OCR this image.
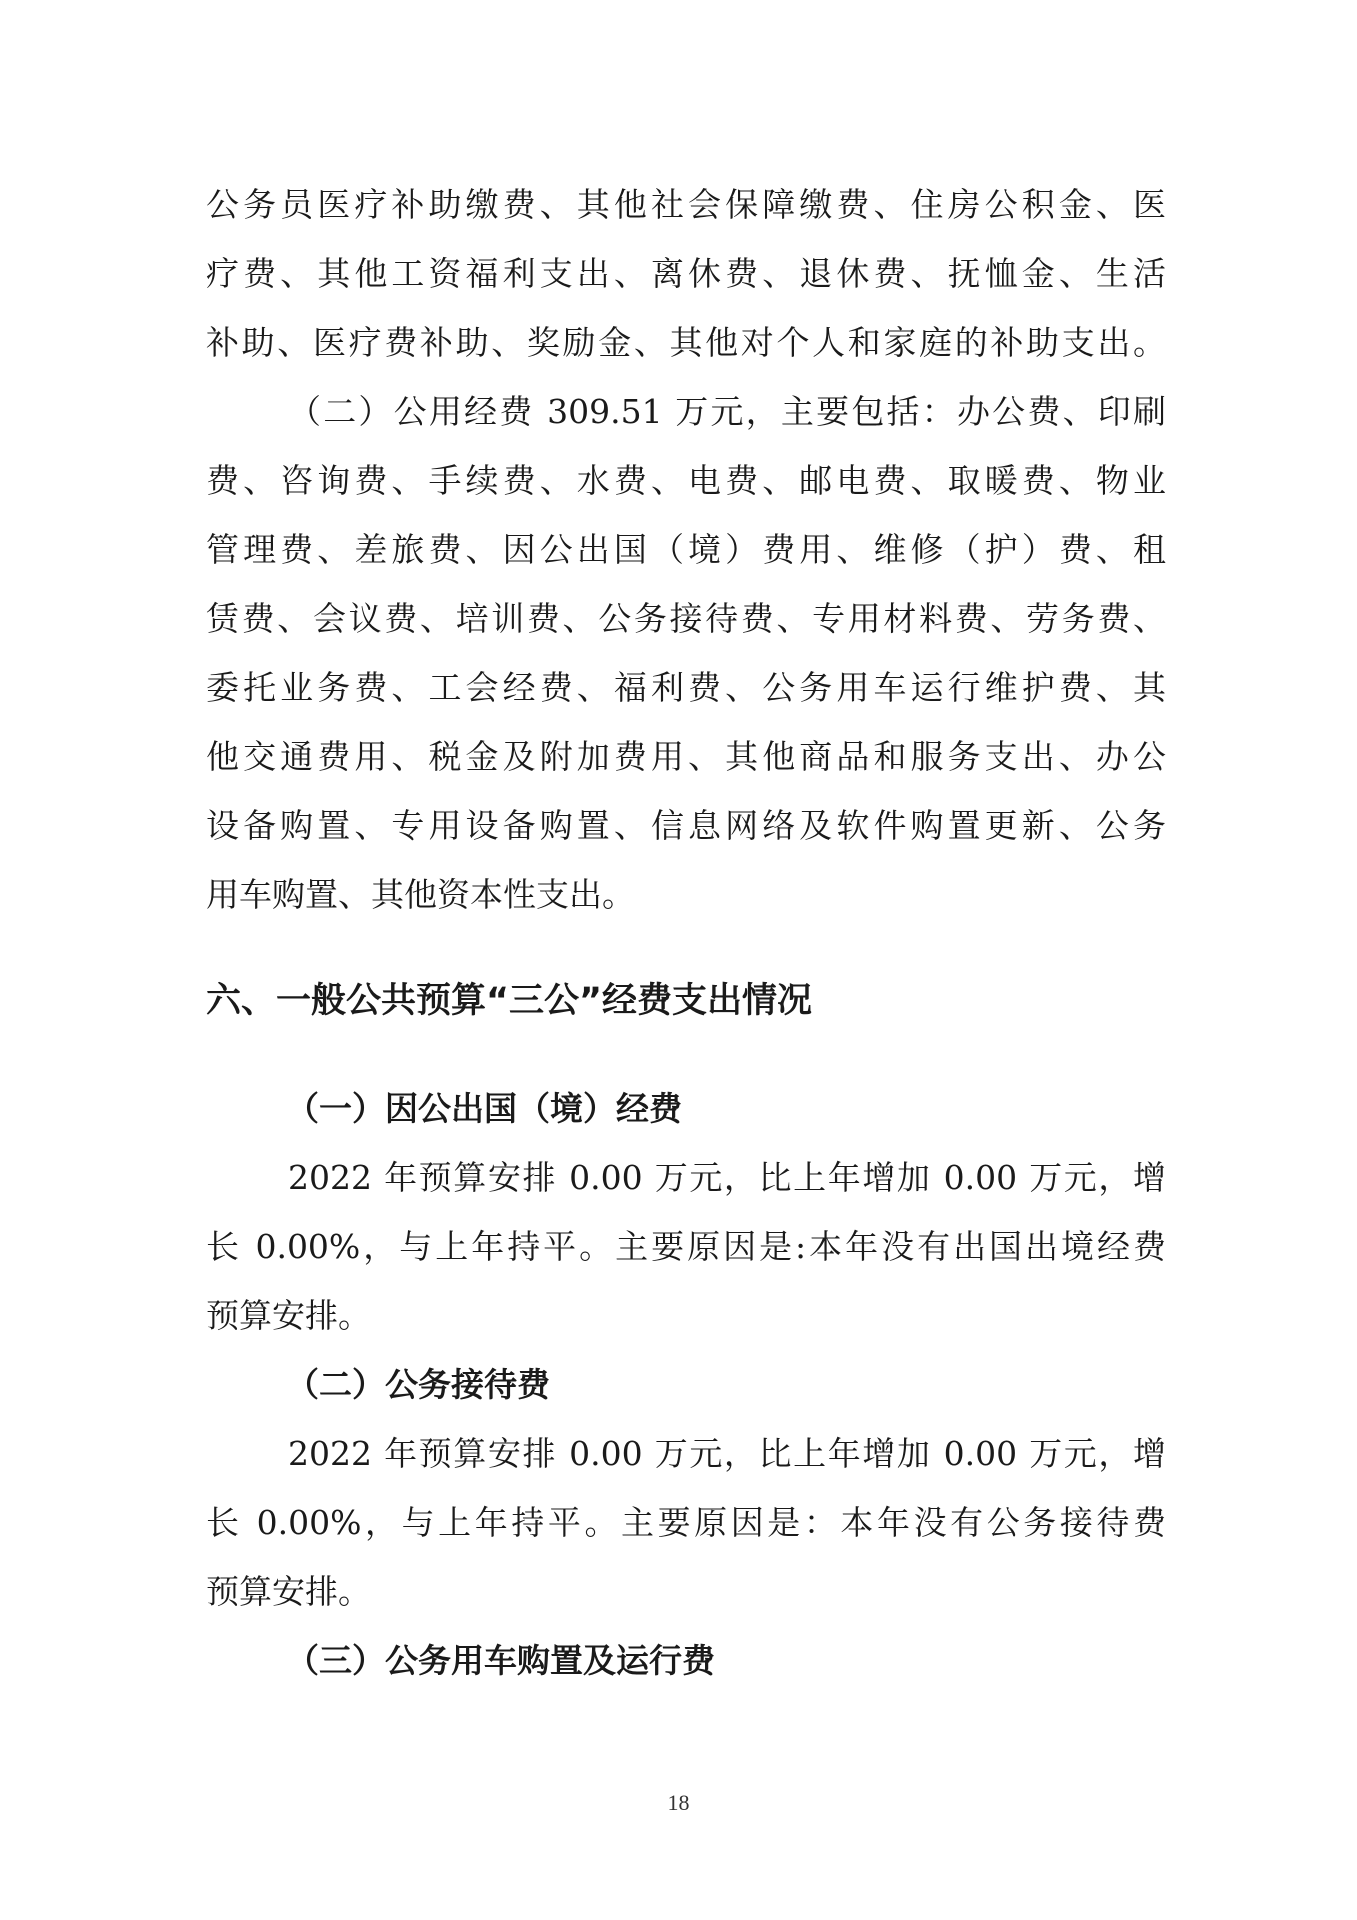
公务员医疗补助缴费、其他社会保障缴费、住房公积金、医
疗费、其他工资福利支出、离休费、退休费、抚恤金、生活
补助、医疗费补助、奖励金、其他对个人和家庭的补助支出。
（二）公用经费 309.51 万元，主要包括：办公费、印刷
费、咨询费、手续费、水费、电费、邮电费、取暖费、物业
管理费、差旅费、因公出国（境）费用、维修（护）费、租
赁费、会议费、培训费、公务接待费、专用材料费、劳务费、
委托业务费、工会经费、福利费、公务用车运行维护费、其
他交通费用、税金及附加费用、其他商品和服务支出、办公
设备购置、专用设备购置、信息网络及软件购置更新、公务
用车购置、其他资本性支出。
六、一般公共预算“三公”经费支出情况
（一）因公出国（境）经费
2022 年预算安排 0.00 万元，比上年增加 0.00 万元，增
长 0.00%，与上年持平。主要原因是:本年没有出国出境经费
预算安排。
（二）公务接待费
2022 年预算安排 0.00 万元，比上年增加 0.00 万元，增
长 0.00%，与上年持平。主要原因是：本年没有公务接待费
预算安排。
（三）公务用车购置及运行费
18
